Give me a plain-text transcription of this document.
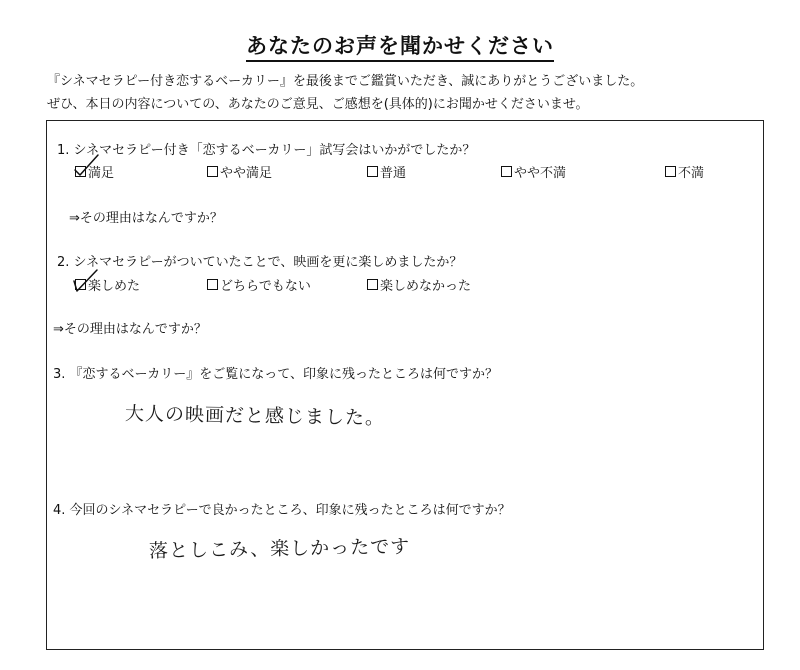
あなたのお声を聞かせください
『シネマセラピー付き恋するベーカリー』を最後までご鑑賞いただき、誠にありがとうございました。
ぜひ、本日の内容についての、あなたのご意見、ご感想を(具体的)にお聞かせくださいませ。
1. シネマセラピー付き「恋するベーカリー」試写会はいかがでしたか？
満足	やや満足	普通	やや不満	不満
⇒その理由はなんですか？
2. シネマセラピーがついていたことで、映画を更に楽しめましたか？
楽しめた	どちらでもない	楽しめなかった
⇒その理由はなんですか？
3. 『恋するベーカリー』をご覧になって、印象に残ったところは何ですか？
大人の映画だと感じました。
4. 今回のシネマセラピーで良かったところ、印象に残ったところは何ですか？
落としこみ、楽しかったです
